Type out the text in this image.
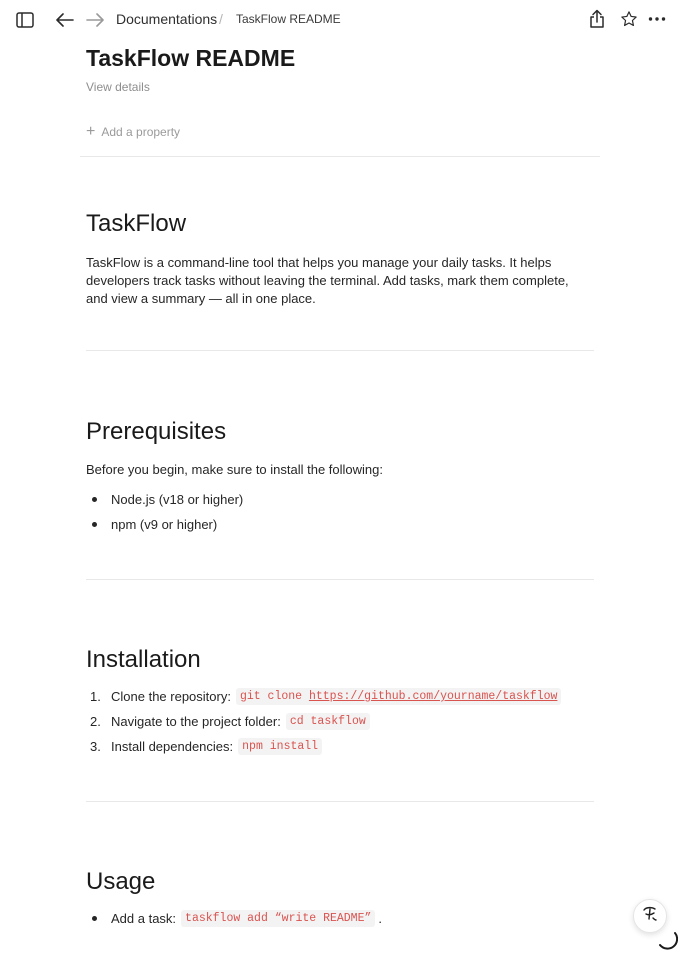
Documentations / TaskFlow README
TaskFlow README
View details
+ Add a property
TaskFlow
TaskFlow is a command-line tool that helps you manage your daily tasks. It helps developers track tasks without leaving the terminal. Add tasks, mark them complete, and view a summary — all in one place.
Prerequisites
Before you begin, make sure to install the following:
Node.js (v18 or higher)
npm (v9 or higher)
Installation
1. Clone the repository: git clone https://github.com/yourname/taskflow
2. Navigate to the project folder: cd taskflow
3. Install dependencies: npm install
Usage
Add a task: taskflow add “write README” .
